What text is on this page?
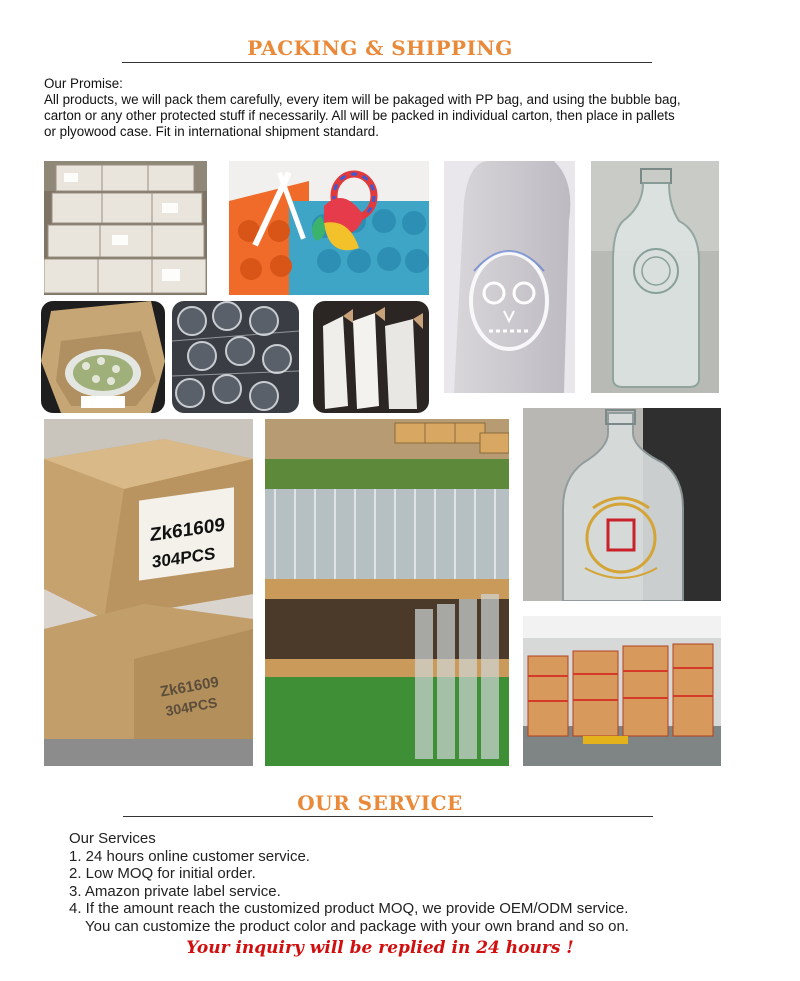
PACKING & SHIPPING
Our Promise:
All products, we will pack them carefully, every item will be pakaged with PP bag, and using the bubble bag,
carton or any other protected stuff if necessarily. All will be packed in individual carton, then place in pallets
or plyowood case. Fit in international shipment standard.
Zk61609
304PCS
Zk61609
304PCS
OUR SERVICE
Our Services
1. 24 hours online customer service.
2. Low MOQ for initial order.
3. Amazon private label service.
4. If the amount reach the customized product MOQ, we provide OEM/ODM service.
You can customize the product color and package with your own brand and so on.
Your inquiry will be replied in 24 hours !
